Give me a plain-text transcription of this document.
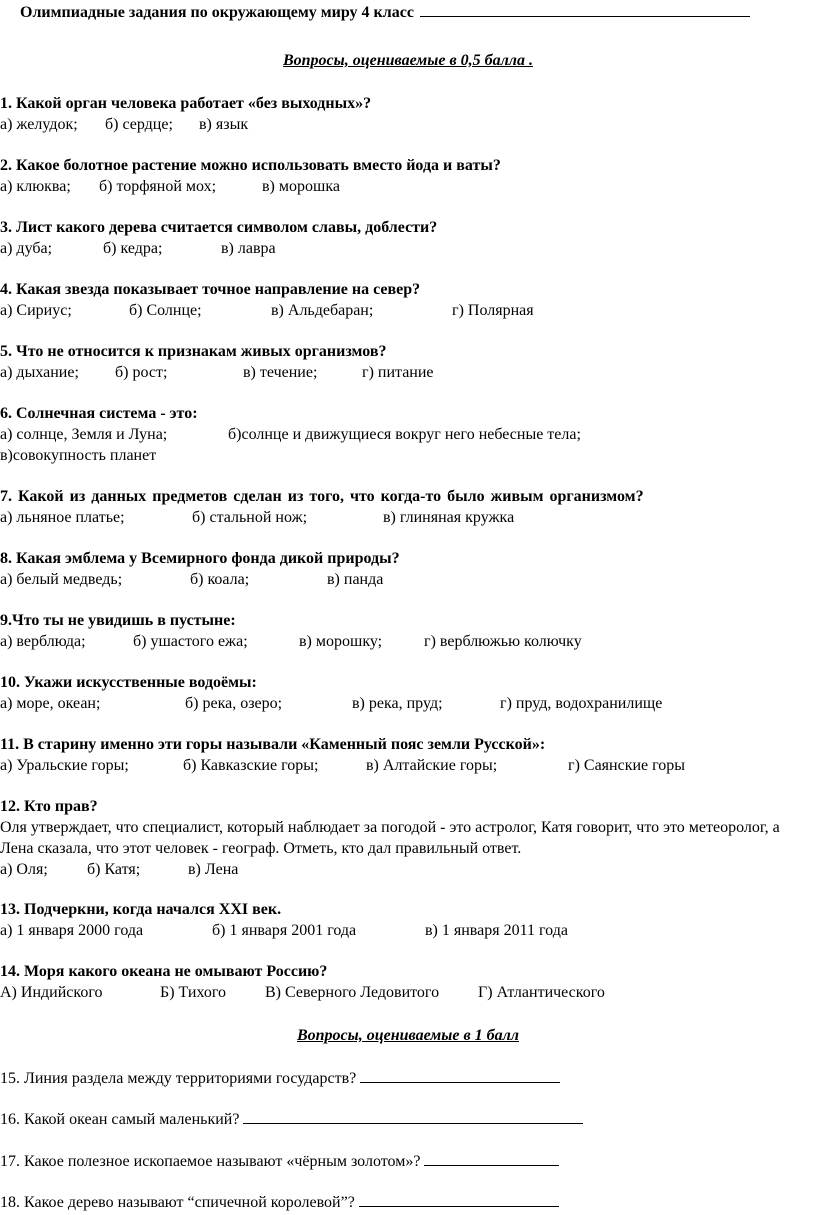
Олимпиадные задания по окружающему миру 4 класс
Вопросы, оцениваемые в 0,5 балла .
1. Какой орган человека работает «без выходных»?
а) желудок; б) сердце; в) язык
2. Какое болотное растение можно использовать вместо йода и ваты?
а) клюква; б) торфяной мох;	в) морошка
3. Лист какого дерева считается символом славы, доблести?
а) дуба;	б) кедра;	в) лавра
4. Какая звезда показывает точное направление на север?
а) Сириус;	б) Солнце;	в) Альдебаран;	г) Полярная
5. Что не относится к признакам живых организмов?
а) дыхание; б) рост;	в) течение;	г) питание
6. Солнечная система - это:
а) солнце, Земля и Луна;	б)солнце и движущиеся вокруг него небесные тела;
в)совокупность планет
7. Какой из данных предметов сделан из того, что когда-то было живым организмом?
а) льняное платье;	б) стальной нож;	в) глиняная кружка
8. Какая эмблема у Всемирного фонда дикой природы?
а) белый медведь;	б) коала;	в) панда
9.Что ты не увидишь в пустыне:
а) верблюда;	б) ушастого ежа;	в) морошку;	г) верблюжью колючку
10. Укажи искусственные водоёмы:
а) море, океан;	б) река, озеро;	в) река, пруд;	г) пруд, водохранилище
11. В старину именно эти горы называли «Каменный пояс земли Русской»:
а) Уральские горы;	б) Кавказские горы;	в) Алтайские горы;	г) Саянские горы
12. Кто прав?
Оля утверждает, что специалист, который наблюдает за погодой - это астролог, Катя говорит, что это метеоролог, а Лена сказала, что этот человек - географ. Отметь, кто дал правильный ответ.
а) Оля; б) Катя;	в) Лена
13. Подчеркни, когда начался XXI век.
а) 1 января 2000 года	б) 1 января 2001 года	в) 1 января 2011 года
14. Моря какого океана не омывают Россию?
А) Индийского	Б) Тихого В) Северного Ледовитого Г) Атлантического
Вопросы, оцениваемые в 1 балл
15. Линия раздела между территориями государств?
16. Какой океан самый маленький?
17. Какое полезное ископаемое называют «чёрным золотом»?
18. Какое дерево называют “спичечной королевой”?
